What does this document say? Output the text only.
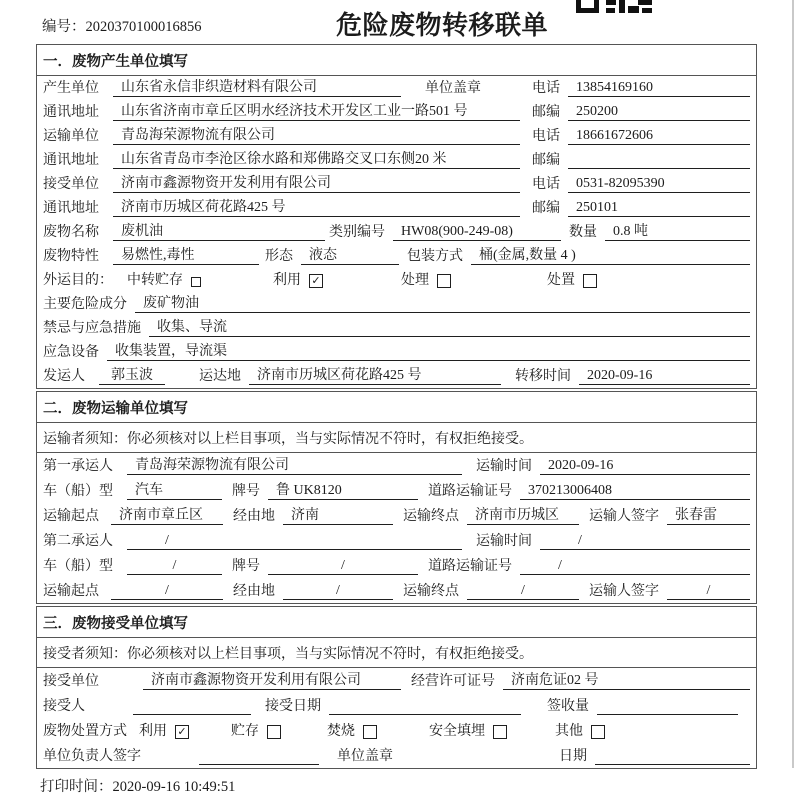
编号：2020370100016856	危险废物转移联单
一．废物产生单位填写
产生单位	山东省永信非织造材料有限公司	单位盖章	电话	13854169160
通讯地址	山东省济南市章丘区明水经济技术开发区工业一路501 号	邮编	250200
运输单位	青岛海荣源物流有限公司	电话	18661672606
通讯地址	山东省青岛市李沧区徐水路和郑佛路交叉口东侧20 米	邮编
接受单位	济南市鑫源物资开发利用有限公司	电话	0531-82095390
通讯地址	济南市历城区荷花路425 号	邮编	250101
废物名称	废机油	类别编号	HW08(900-249-08)	数量	0.8 吨
废物特性	易燃性,毒性	形态	液态	包装方式	桶(金属,数量 4 )
外运目的： 中转贮存	利用 ✓	处理	处置
主要危险成分	废矿物油
禁忌与应急措施	收集、导流
应急设备	收集装置，导流渠
发运人	郭玉波	运达地	济南市历城区荷花路425 号	转移时间	2020-09-16
二．废物运输单位填写
运输者须知：你必须核对以上栏目事项，当与实际情况不符时，有权拒绝接受。
第一承运人	青岛海荣源物流有限公司	运输时间	2020-09-16
车（船）型	汽车	牌号	鲁 UK8120	道路运输证号	370213006408
运输起点	济南市章丘区	经由地	济南	运输终点	济南市历城区	运输人签字	张春雷
第二承运人	/	运输时间	/
车（船）型	/	牌号	/	道路运输证号	/
运输起点	/	经由地	/	运输终点	/	运输人签字	/
三．废物接受单位填写
接受者须知：你必须核对以上栏目事项，当与实际情况不符时，有权拒绝接受。
接受单位	济南市鑫源物资开发利用有限公司	经营许可证号	济南危证02 号
接受人	接受日期	签收量
废物处置方式 利用 ✓	贮存	焚烧	安全填埋	其他
单位负责人签字	单位盖章	日期
打印时间：2020-09-16 10:49:51
